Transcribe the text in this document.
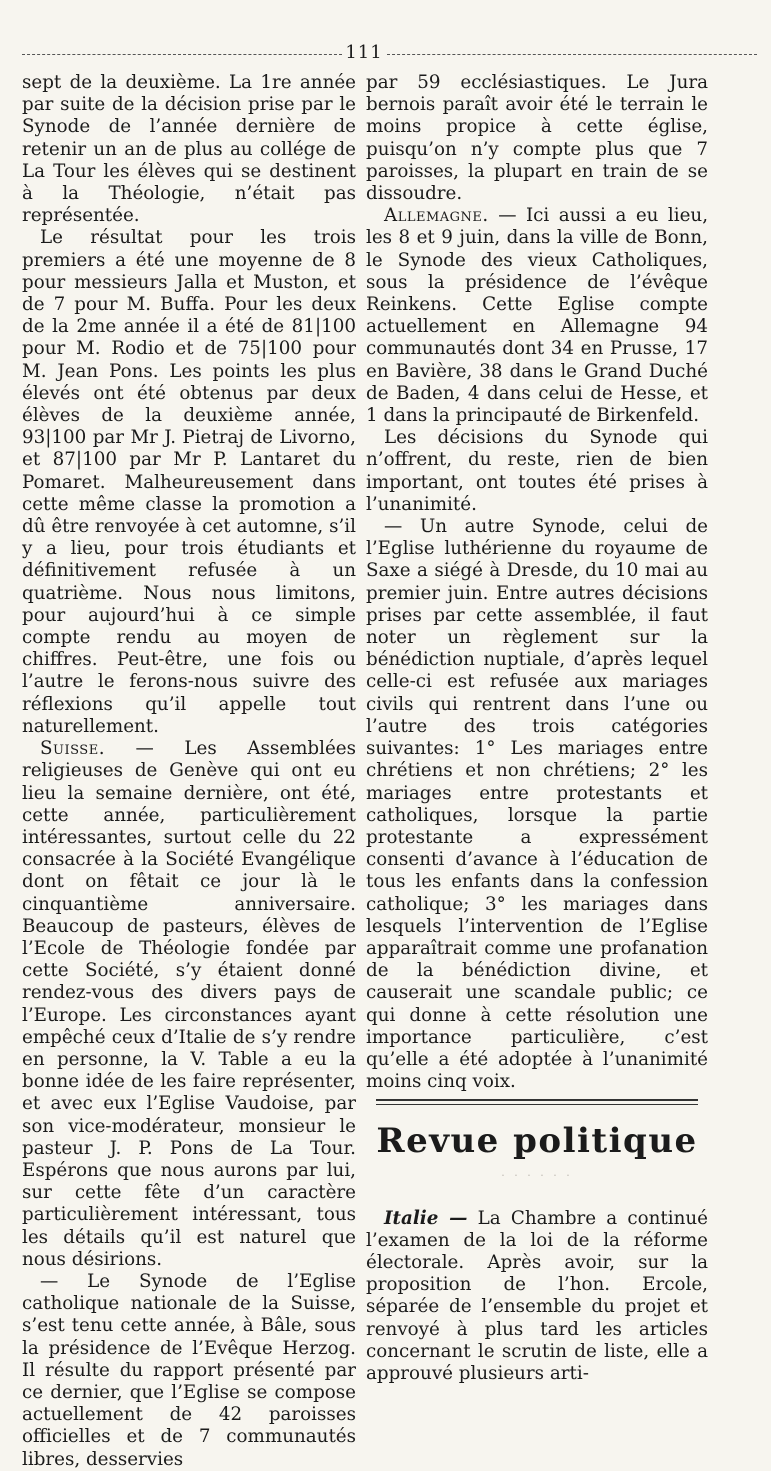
111

sept de la deuxième. La 1re année par suite de la décision prise par le Synode de l’année dernière de retenir un an de plus au collége de La Tour les élèves qui se destinent à la Théologie, n’était pas représentée.

Le résultat pour les trois premiers a été une moyenne de 8 pour messieurs Jalla et Muston, et de 7 pour M. Buffa. Pour les deux de la 2me année il a été de 81|100 pour M. Rodio et de 75|100 pour M. Jean Pons. Les points les plus élevés ont été obtenus par deux élèves de la deuxième année, 93|100 par Mr J. Pietraj de Livorno, et 87|100 par Mr P. Lantaret du Pomaret. Malheureusement dans cette même classe la promotion a dû être renvoyée à cet automne, s’il y a lieu, pour trois étudiants et définitivement refusée à un quatrième. Nous nous limitons, pour aujourd’hui à ce simple compte rendu au moyen de chiffres. Peut-être, une fois ou l’autre le ferons-nous suivre des réflexions qu’il appelle tout naturellement.

Suisse. — Les Assemblées religieuses de Genève qui ont eu lieu la semaine dernière, ont été, cette année, particulièrement intéressantes, surtout celle du 22 consacrée à la Société Evangélique dont on fêtait ce jour là le cinquantième anniversaire. Beaucoup de pasteurs, élèves de l’Ecole de Théologie fondée par cette Société, s’y étaient donné rendez-vous des divers pays de l’Europe. Les circonstances ayant empêché ceux d’Italie de s’y rendre en personne, la V. Table a eu la bonne idée de les faire représenter, et avec eux l’Eglise Vaudoise, par son vice-modérateur, monsieur le pasteur J. P. Pons de La Tour. Espérons que nous aurons par lui, sur cette fête d’un caractère particulièrement intéressant, tous les détails qu’il est naturel que nous désirions.

— Le Synode de l’Eglise catholique nationale de la Suisse, s’est tenu cette année, à Bâle, sous la présidence de l’Evêque Herzog. Il résulte du rapport présenté par ce dernier, que l’Eglise se compose actuellement de 42 paroisses officielles et de 7 communautés libres, desservies

par 59 ecclésiastiques. Le Jura bernois paraît avoir été le terrain le moins propice à cette église, puisqu’on n’y compte plus que 7 paroisses, la plupart en train de se dissoudre.

Allemagne. — Ici aussi a eu lieu, les 8 et 9 juin, dans la ville de Bonn, le Synode des vieux Catholiques, sous la présidence de l’évêque Reinkens. Cette Eglise compte actuellement en Allemagne 94 communautés dont 34 en Prusse, 17 en Bavière, 38 dans le Grand Duché de Baden, 4 dans celui de Hesse, et 1 dans la principauté de Birkenfeld.

Les décisions du Synode qui n’offrent, du reste, rien de bien important, ont toutes été prises à l’unanimité.

— Un autre Synode, celui de l’Eglise luthérienne du royaume de Saxe a siégé à Dresde, du 10 mai au premier juin. Entre autres décisions prises par cette assemblée, il faut noter un règlement sur la bénédiction nuptiale, d’après lequel celle-ci est refusée aux mariages civils qui rentrent dans l’une ou l’autre des trois catégories suivantes: 1° Les mariages entre chrétiens et non chrétiens; 2° les mariages entre protestants et catholiques, lorsque la partie protestante a expressément consenti d’avance à l’éducation de tous les enfants dans la confession catholique; 3° les mariages dans lesquels l’intervention de l’Eglise apparaîtrait comme une profanation de la bénédiction divine, et causerait une scandale public; ce qui donne à cette résolution une importance particulière, c’est qu’elle a été adoptée à l’unanimité moins cinq voix.

Revue politique
· · · · · ·

Italie — La Chambre a continué l’examen de la loi de la réforme électorale. Après avoir, sur la proposition de l’hon. Ercole, séparée de l’ensemble du projet et renvoyé à plus tard les articles concernant le scrutin de liste, elle a approuvé plusieurs arti-
